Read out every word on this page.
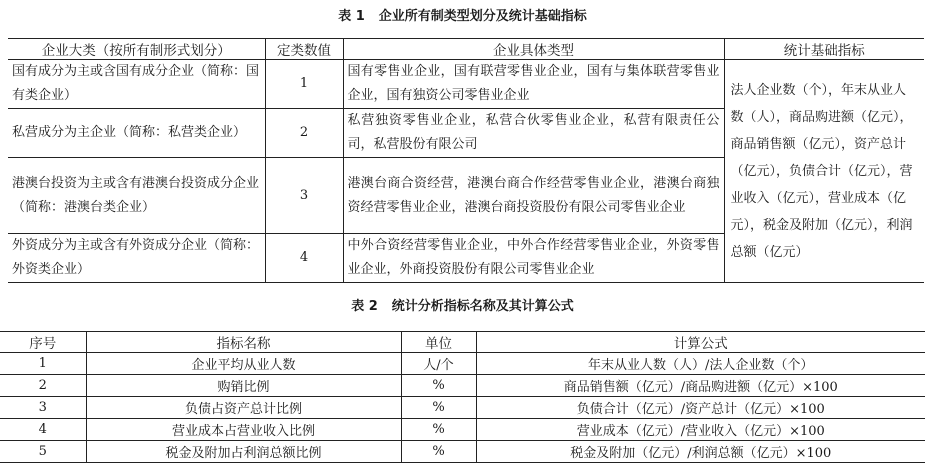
表 1 企业所有制类型划分及统计基础指标
企业大类（按所有制形式划分）	定类数值	企业具体类型	统计基础指标
国有成分为主或含国有成分企业（简称：国有类企业）	1	国有零售业企业，国有联营零售业企业，国有与集体联营零售业企业，国有独资公司零售业企业	法人企业数（个），年末从业人数（人），商品购进额（亿元），商品销售额（亿元），资产总计（亿元），负债合计（亿元），营业收入（亿元），营业成本（亿元），税金及附加（亿元），利润总额（亿元）
私营成分为主企业（简称：私营类企业）	2	私营独资零售业企业，私营合伙零售业企业，私营有限责任公司，私营股份有限公司	
港澳台投资为主或含有港澳台投资成分企业（简称：港澳台类企业）	3	港澳台商合资经营，港澳台商合作经营零售业企业，港澳台商独资经营零售业企业，港澳台商投资股份有限公司零售业企业	
外资成分为主或含有外资成分企业（简称：外资类企业）	4	中外合资经营零售业企业，中外合作经营零售业企业，外资零售业企业，外商投资股份有限公司零售业企业	
表 2 统计分析指标名称及其计算公式
序号	指标名称	单位	计算公式
1	企业平均从业人数	人/个	年末从业人数（人）/法人企业数（个）
2	购销比例	%	商品销售额（亿元）/商品购进额（亿元）×100
3	负债占资产总计比例	%	负债合计（亿元）/资产总计（亿元）×100
4	营业成本占营业收入比例	%	营业成本（亿元）/营业收入（亿元）×100
5	税金及附加占利润总额比例	%	税金及附加（亿元）/利润总额（亿元）×100
